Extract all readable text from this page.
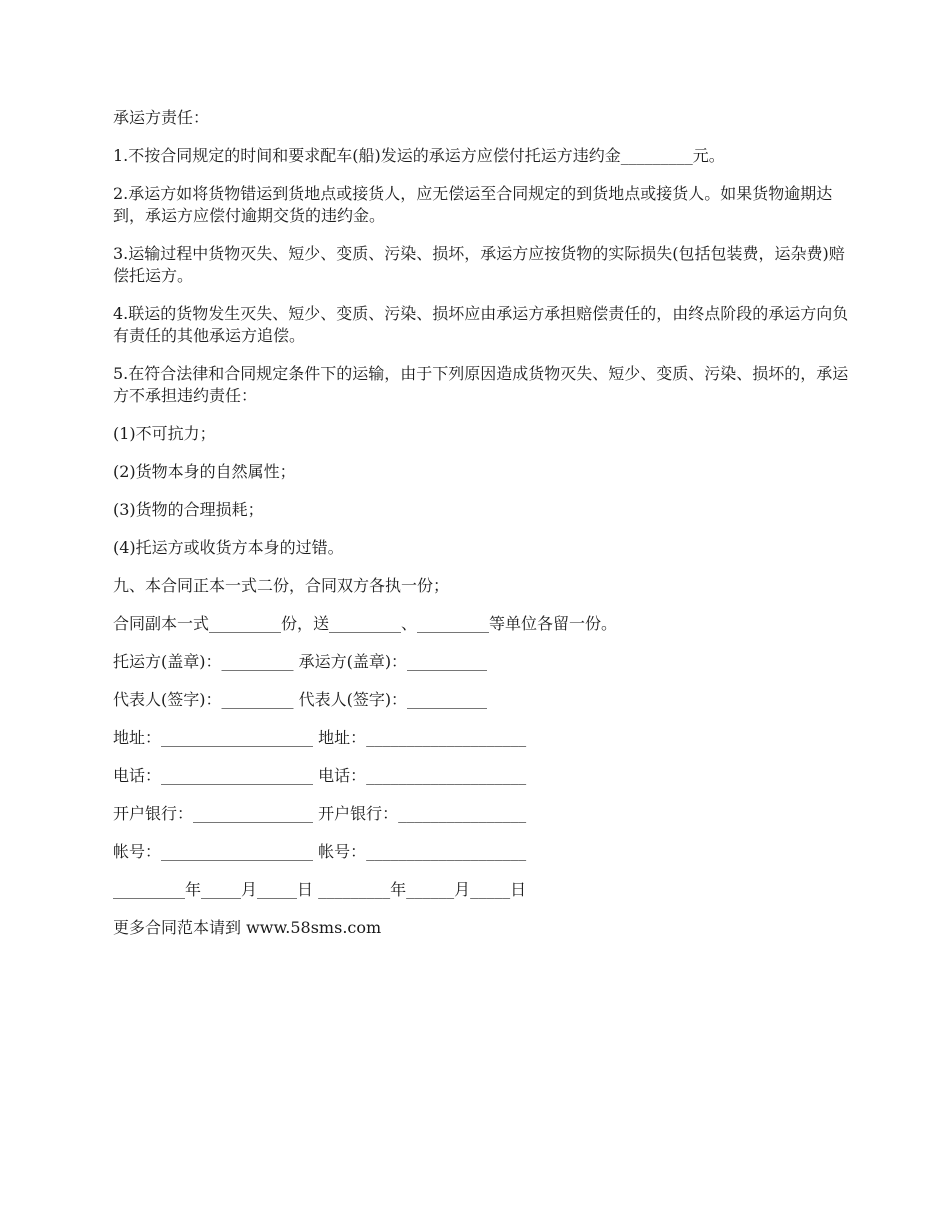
承运方责任：

1.不按合同规定的时间和要求配车(船)发运的承运方应偿付托运方违约金_________元。

2.承运方如将货物错运到货地点或接货人，应无偿运至合同规定的到货地点或接货人。如果货物逾期达到，承运方应偿付逾期交货的违约金。

3.运输过程中货物灭失、短少、变质、污染、损坏，承运方应按货物的实际损失(包括包装费，运杂费)赔偿托运方。

4.联运的货物发生灭失、短少、变质、污染、损坏应由承运方承担赔偿责任的，由终点阶段的承运方向负有责任的其他承运方追偿。

5.在符合法律和合同规定条件下的运输，由于下列原因造成货物灭失、短少、变质、污染、损坏的，承运方不承担违约责任：

(1)不可抗力；

(2)货物本身的自然属性；

(3)货物的合理损耗；

(4)托运方或收货方本身的过错。

九、本合同正本一式二份，合同双方各执一份；

合同副本一式_________份，送_________、_________等单位各留一份。

托运方(盖章)：_________ 承运方(盖章)：__________

代表人(签字)：_________ 代表人(签字)：__________

地址：___________________ 地址：____________________

电话：___________________ 电话：____________________

开户银行：_______________ 开户银行：________________

帐号：___________________ 帐号：____________________

_________年_____月_____日 _________年______月_____日

更多合同范本请到 www.58sms.com
